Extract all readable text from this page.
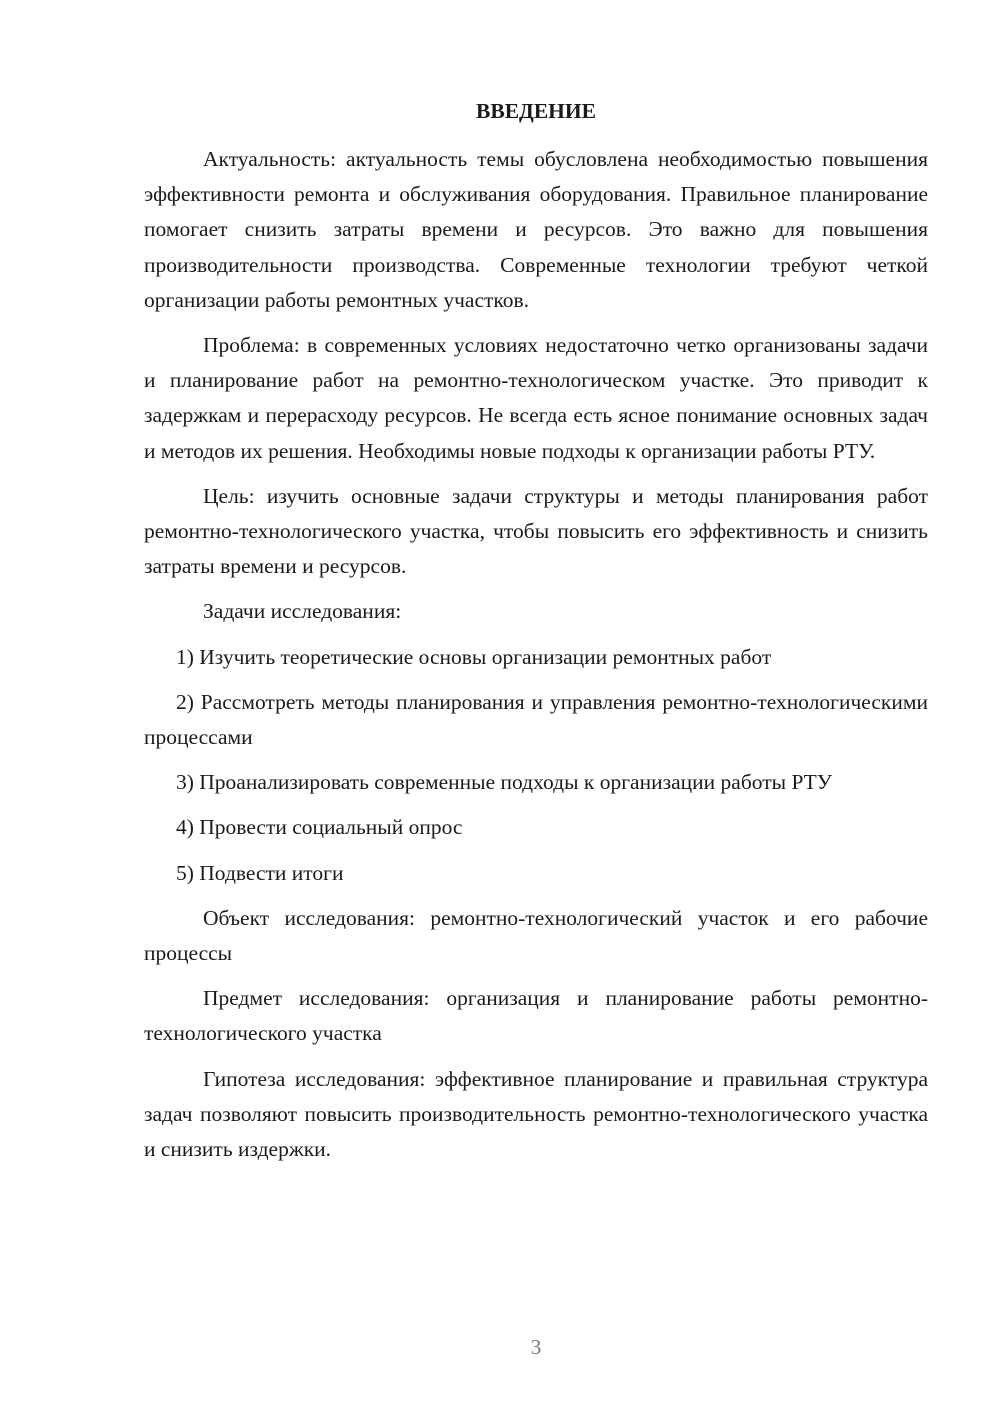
ВВЕДЕНИЕ

Актуальность: актуальность темы обусловлена необходимостью повышения эффективности ремонта и обслуживания оборудования. Правильное планирование помогает снизить затраты времени и ресурсов. Это важно для повышения производительности производства. Современные технологии требуют четкой организации работы ремонтных участков.

Проблема: в современных условиях недостаточно четко организованы задачи и планирование работ на ремонтно-технологическом участке. Это приводит к задержкам и перерасходу ресурсов. Не всегда есть ясное понимание основных задач и методов их решения. Необходимы новые подходы к организации работы РТУ.

Цель: изучить основные задачи структуры и методы планирования работ ремонтно-технологического участка, чтобы повысить его эффективность и снизить затраты времени и ресурсов.

Задачи исследования:

1) Изучить теоретические основы организации ремонтных работ

2) Рассмотреть методы планирования и управления ремонтно-технологическими процессами

3) Проанализировать современные подходы к организации работы РТУ

4) Провести социальный опрос

5) Подвести итоги

Объект исследования: ремонтно-технологический участок и его рабочие процессы

Предмет исследования: организация и планирование работы ремонтно-технологического участка

Гипотеза исследования: эффективное планирование и правильная структура задач позволяют повысить производительность ремонтно-технологического участка и снизить издержки.

3
